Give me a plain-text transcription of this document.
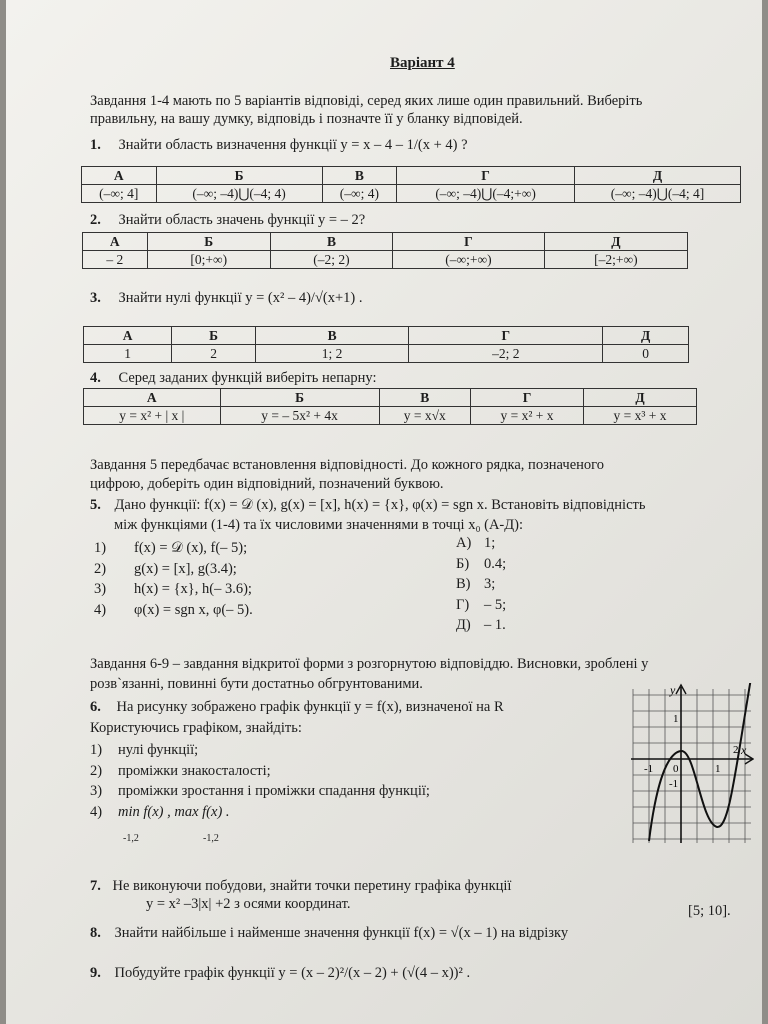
Варіант 4
Завдання 1-4 мають по 5 варіантів відповіді, серед яких лише один правильний. Виберіть
правильну, на вашу думку, відповідь і позначте її у бланку відповідей.
1. Знайти область визначення функції y = x – 4 – 1/(x + 4) ?
А	Б	В	Г	Д
(–∞; 4]	(–∞; –4)⋃(–4; 4)	(–∞; 4)	(–∞; –4)⋃(–4;+∞)	(–∞; –4)⋃(–4; 4]
2. Знайти область значень функції y = – 2?
А	Б	В	Г	Д
– 2	[0;+∞)	(–2; 2)	(–∞;+∞)	[–2;+∞)
3. Знайти нулі функції y = (x² – 4)/√(x+1) .
А	Б	В	Г	Д
1	2	1; 2	–2; 2	0
4. Серед заданих функцій виберіть непарну:
А	Б	В	Г	Д
y = x² + | x |	y = – 5x² + 4x	y = x√x	y = x² + x	y = x³ + x
Завдання 5 передбачає встановлення відповідності. До кожного рядка, позначеного
цифрою, доберіть один відповідний, позначений буквою.
5. Дано функції: f(x) = 𝒟 (x), g(x) = [x], h(x) = {x}, φ(x) = sgn x. Встановіть відповідність
між функціями (1-4) та їх числовими значеннями в точці x₀ (А-Д):
1) f(x) = 𝒟 (x), f(– 5);
2) g(x) = [x], g(3.4);
3) h(x) = {x}, h(– 3.6);
4) φ(x) = sgn x, φ(– 5).
А) 1;
Б) 0.4;
В) 3;
Г) – 5;
Д) – 1.
Завдання 6-9 – завдання відкритої форми з розгорнутою відповіддю. Висновки, зроблені у
розв`язанні, повинні бути достатньо обгрунтованими.
6. На рисунку зображено графік функції y = f(x), визначеної на R
Користуючись графіком, знайдіть:
1) нулі функції;
2) проміжки знакосталості;
3) проміжки зростання і проміжки спадання функції;
4) min f(x) , max f(x) .
-1,2	-1,2
y
x
1
-1
-1 0	1
2
7. Не виконуючи побудови, знайти точки перетину графіка функції
y = x² –3|x| +2 з осями координат.
8. Знайти найбільше і найменше значення функції f(x) = √(x – 1) на відрізку
[5; 10].
9. Побудуйте графік функції y = (x – 2)²/(x – 2) + (√(4 – x))² .
